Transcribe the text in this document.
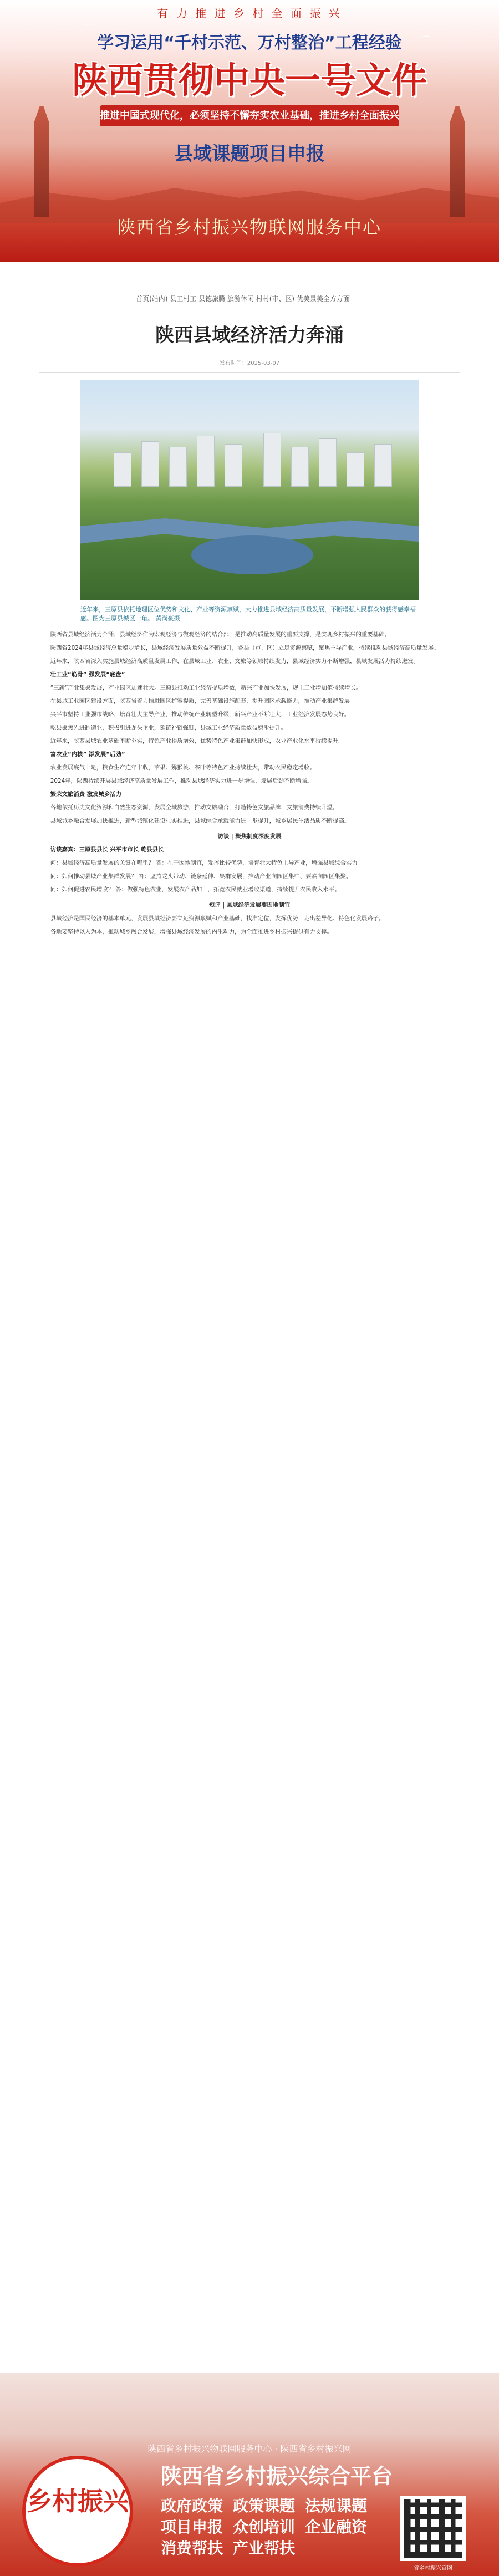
⌒
⌒
有 力 推 进 乡 村 全 面 振 兴
学习运用“千村示范、万村整治”工程经验
陕西贯彻中央一号文件
推进中国式现代化，必须坚持不懈夯实农业基础，推进乡村全面振兴
县域课题项目申报
陕西省乡村振兴物联网服务中心
首页(站内) 县工村工 县德旅腾 旅游休闲 村村(市、区) 优美景美全方方面——
陕西县域经济活力奔涌
发布时间：2025-03-07
近年来，三原县依托地理区位优势和文化、产业等资源禀赋，大力推进县域经济高质量发展，不断增强人民群众的获得感幸福感。图为三原县城区一角。 黄尚豪摄

陕西省县域经济活力奔涌，县域经济作为宏观经济与微观经济的结合部，是推动高质量发展的重要支撑，是实现乡村振兴的重要基础。

陕西省2024年县域经济总量稳步增长，县域经济发展质量效益不断提升，各县（市、区）立足资源禀赋，聚焦主导产业，持续推动县域经济高质量发展。

近年来，陕西省深入实施县域经济高质量发展工作，在县域工业、农业、文旅等领域持续发力，县域经济实力不断增强，县域发展活力持续迸发。

壮工业“筋骨” 强发展“底盘”

“三新”产业集聚发展，产业园区加速壮大。三原县推动工业经济提质增效，新兴产业加快发展，规上工业增加值持续增长。

在县域工业园区建设方面，陕西省着力推进园区扩容提质，完善基础设施配套，提升园区承载能力，推动产业集群发展。

兴平市坚持工业强市战略，培育壮大主导产业，推动传统产业转型升级，新兴产业不断壮大，工业经济发展态势良好。

乾县聚焦先进制造业，积极引进龙头企业，延链补链强链，县域工业经济质量效益稳步提升。

近年来，陕西县域农业基础不断夯实，特色产业提质增效，优势特色产业集群加快形成，农业产业化水平持续提升。

富农业“内核” 添发展“后劲”

农业发展底气十足，粮食生产连年丰收，苹果、猕猴桃、茶叶等特色产业持续壮大，带动农民稳定增收。

2024年，陕西持续开展县域经济高质量发展工作，推动县域经济实力进一步增强，发展后劲不断增强。

繁荣文旅消费 激发城乡活力

各地依托历史文化资源和自然生态资源，发展全域旅游，推动文旅融合，打造特色文旅品牌，文旅消费持续升温。

县域城乡融合发展加快推进，新型城镇化建设扎实推进，县城综合承载能力进一步提升，城乡居民生活品质不断提高。

访谈 | 聚焦制度深度发展

访谈嘉宾：三原县县长 兴平市市长 乾县县长

问：县域经济高质量发展的关键在哪里？ 答：在于因地制宜，发挥比较优势，培育壮大特色主导产业，增强县域综合实力。

问：如何推动县域产业集群发展？ 答：坚持龙头带动、链条延伸、集群发展，推动产业向园区集中、要素向园区集聚。

问：如何促进农民增收？ 答：做强特色农业，发展农产品加工，拓宽农民就业增收渠道，持续提升农民收入水平。

短评 | 县域经济发展要因地制宜

县域经济是国民经济的基本单元，发展县域经济要立足资源禀赋和产业基础，找准定位，发挥优势，走出差异化、特色化发展路子。

各地要坚持以人为本，推动城乡融合发展，增强县域经济发展的内生动力，为全面推进乡村振兴提供有力支撑。

陕西省乡村振兴物联网服务中心 · 陕西省乡村振兴网
乡村振兴
陕西省乡村振兴综合平台
政府政策 政策课题 法规课题项目申报 众创培训 企业融资消费帮扶 产业帮扶
省乡村振兴官网
